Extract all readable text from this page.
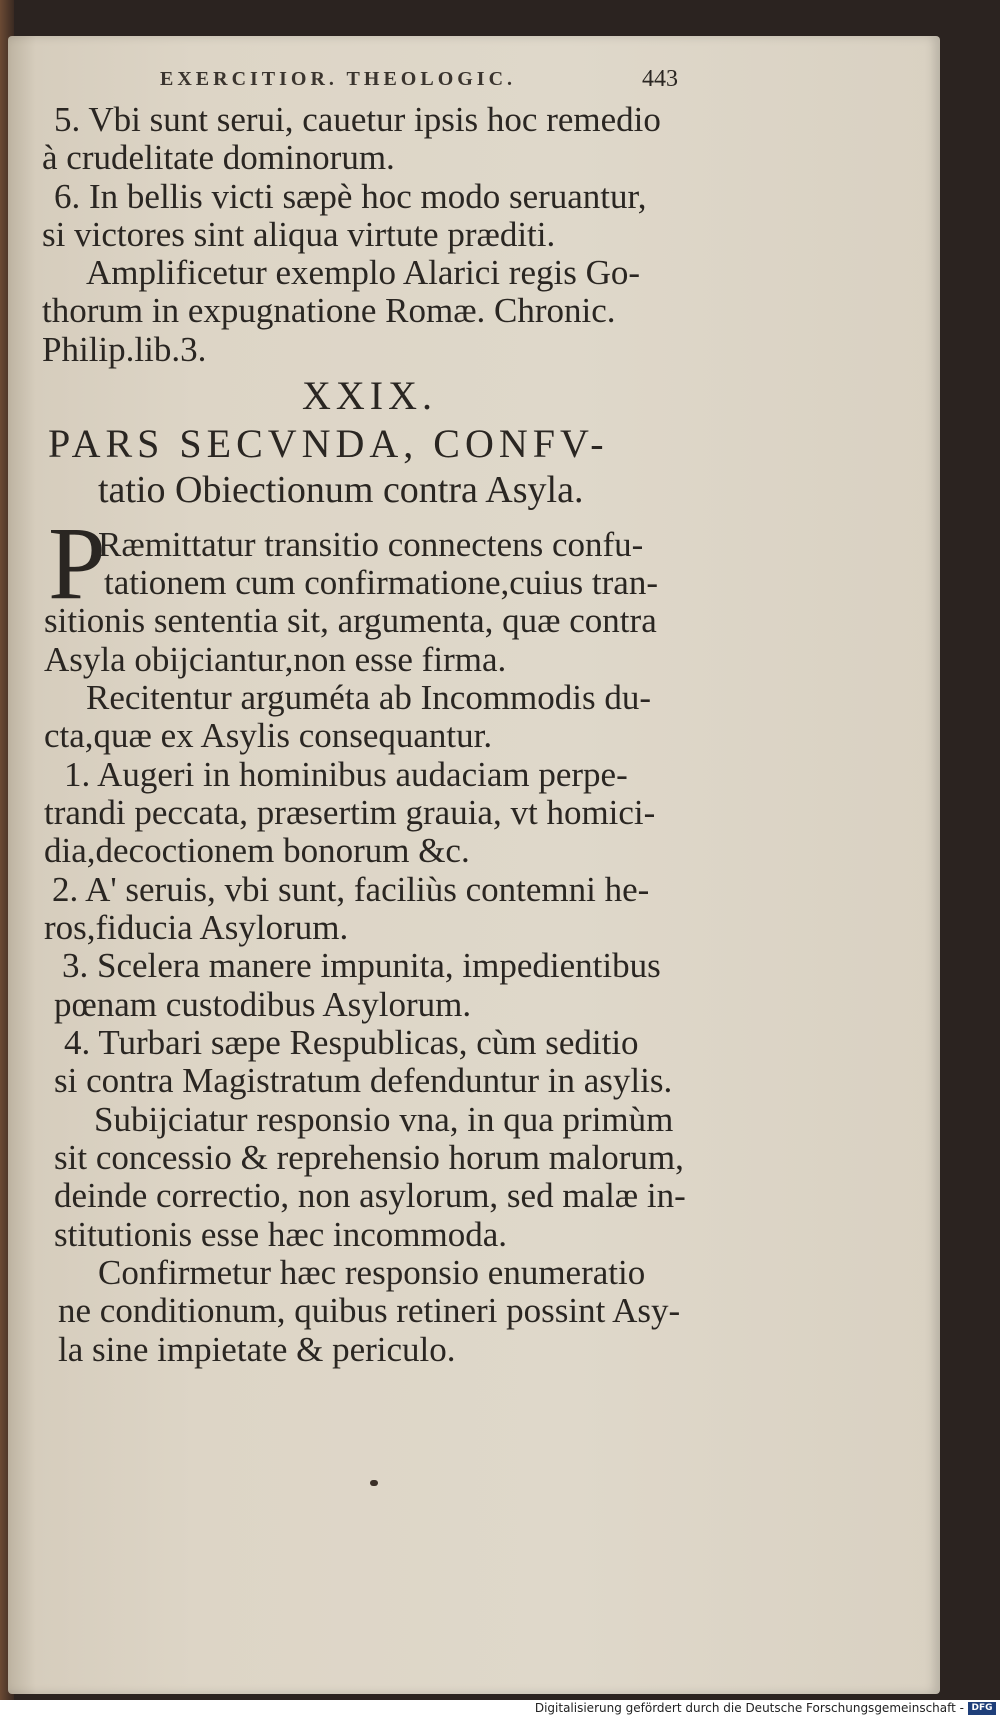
EXERCITIOR. THEOLOGIC.	443
5. Vbi sunt serui, cauetur ipsis hoc remedio
à crudelitate dominorum.
6. In bellis victi sæpè hoc modo seruantur,
si victores sint aliqua virtute præditi.
Amplificetur exemplo Alarici regis Go-
thorum in expugnatione Romæ. Chronic.
Philip.lib.3.
XXIX.
PARS SECVNDA, CONFV-
tatio Obiectionum contra Asyla.
P
Ræmittatur transitio connectens confu-
tationem cum confirmatione,cuius tran-
sitionis sententia sit, argumenta, quæ contra
Asyla obijciantur,non esse firma.
Recitentur arguméta ab Incommodis du-
cta,quæ ex Asylis consequantur.
1. Augeri in hominibus audaciam perpe-
trandi peccata, præsertim grauia, vt homici-
dia,decoctionem bonorum &c.
2. A' seruis, vbi sunt, faciliùs contemni he-
ros,fiducia Asylorum.
3. Scelera manere impunita, impedientibus
pœnam custodibus Asylorum.
4. Turbari sæpe Respublicas, cùm seditio
si contra Magistratum defenduntur in asylis.
Subijciatur responsio vna, in qua primùm
sit concessio & reprehensio horum malorum,
deinde correctio, non asylorum, sed malæ in-
stitutionis esse hæc incommoda.
Confirmetur hæc responsio enumeratio
ne conditionum, quibus retineri possint Asy-
la sine impietate & periculo.
Digitalisierung gefördert durch die Deutsche Forschungsgemeinschaft - DFG
